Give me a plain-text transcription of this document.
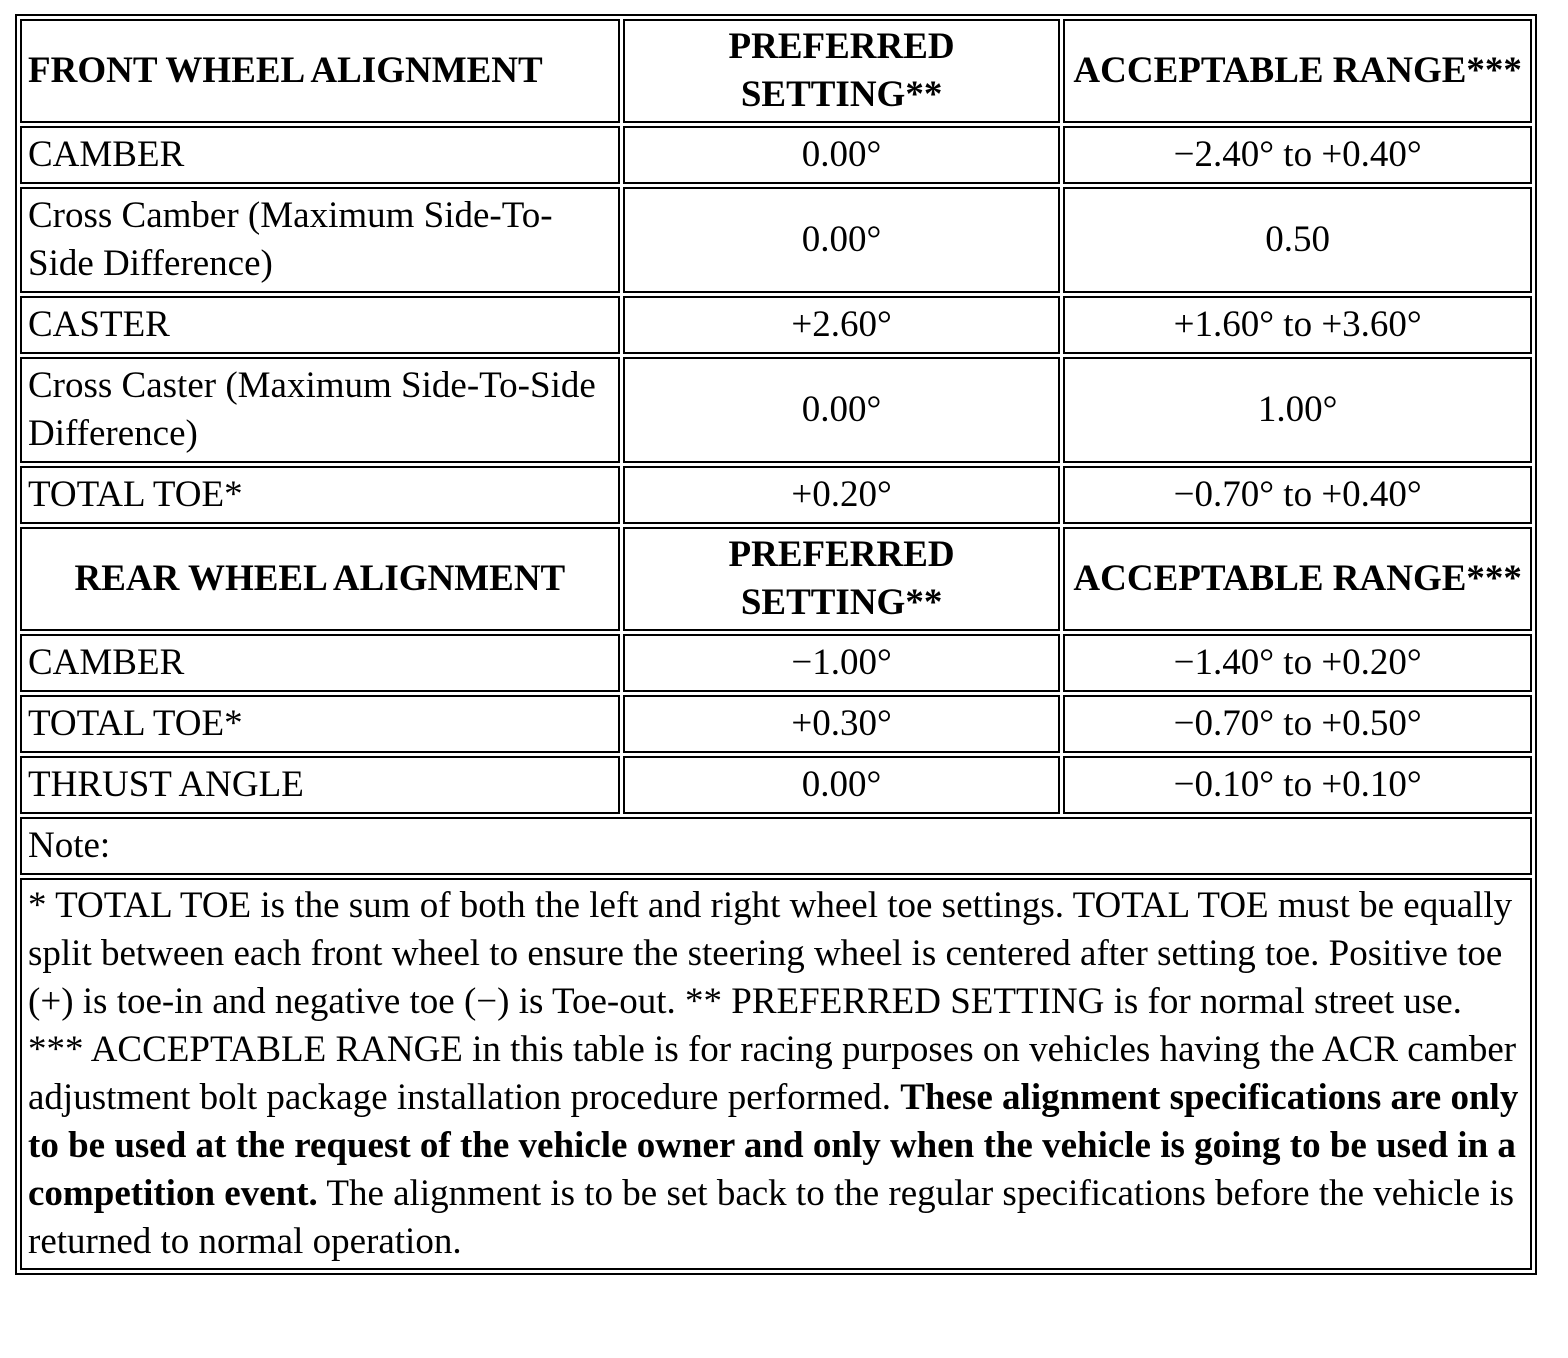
FRONT WHEEL ALIGNMENT	PREFERRED SETTING**	ACCEPTABLE RANGE***
CAMBER	0.00°	−2.40° to +0.40°
Cross Camber (Maximum Side-To-Side Difference)	0.00°	0.50
CASTER	+2.60°	+1.60° to +3.60°
Cross Caster (Maximum Side-To-Side Difference)	0.00°	1.00°
TOTAL TOE*	+0.20°	−0.70° to +0.40°
REAR WHEEL ALIGNMENT	PREFERRED SETTING**	ACCEPTABLE RANGE***
CAMBER	−1.00°	−1.40° to +0.20°
TOTAL TOE*	+0.30°	−0.70° to +0.50°
THRUST ANGLE	0.00°	−0.10° to +0.10°
Note:		
* TOTAL TOE is the sum of both the left and right wheel toe settings. TOTAL TOE must be equally split between each front wheel to ensure the steering wheel is centered after setting toe. Positive toe (+) is toe-in and negative toe (−) is Toe-out. ** PREFERRED SETTING is for normal street use. *** ACCEPTABLE RANGE in this table is for racing purposes on vehicles having the ACR camber adjustment bolt package installation procedure performed. These alignment specifications are only to be used at the request of the vehicle owner and only when the vehicle is going to be used in a competition event. The alignment is to be set back to the regular specifications before the vehicle is returned to normal operation.		
